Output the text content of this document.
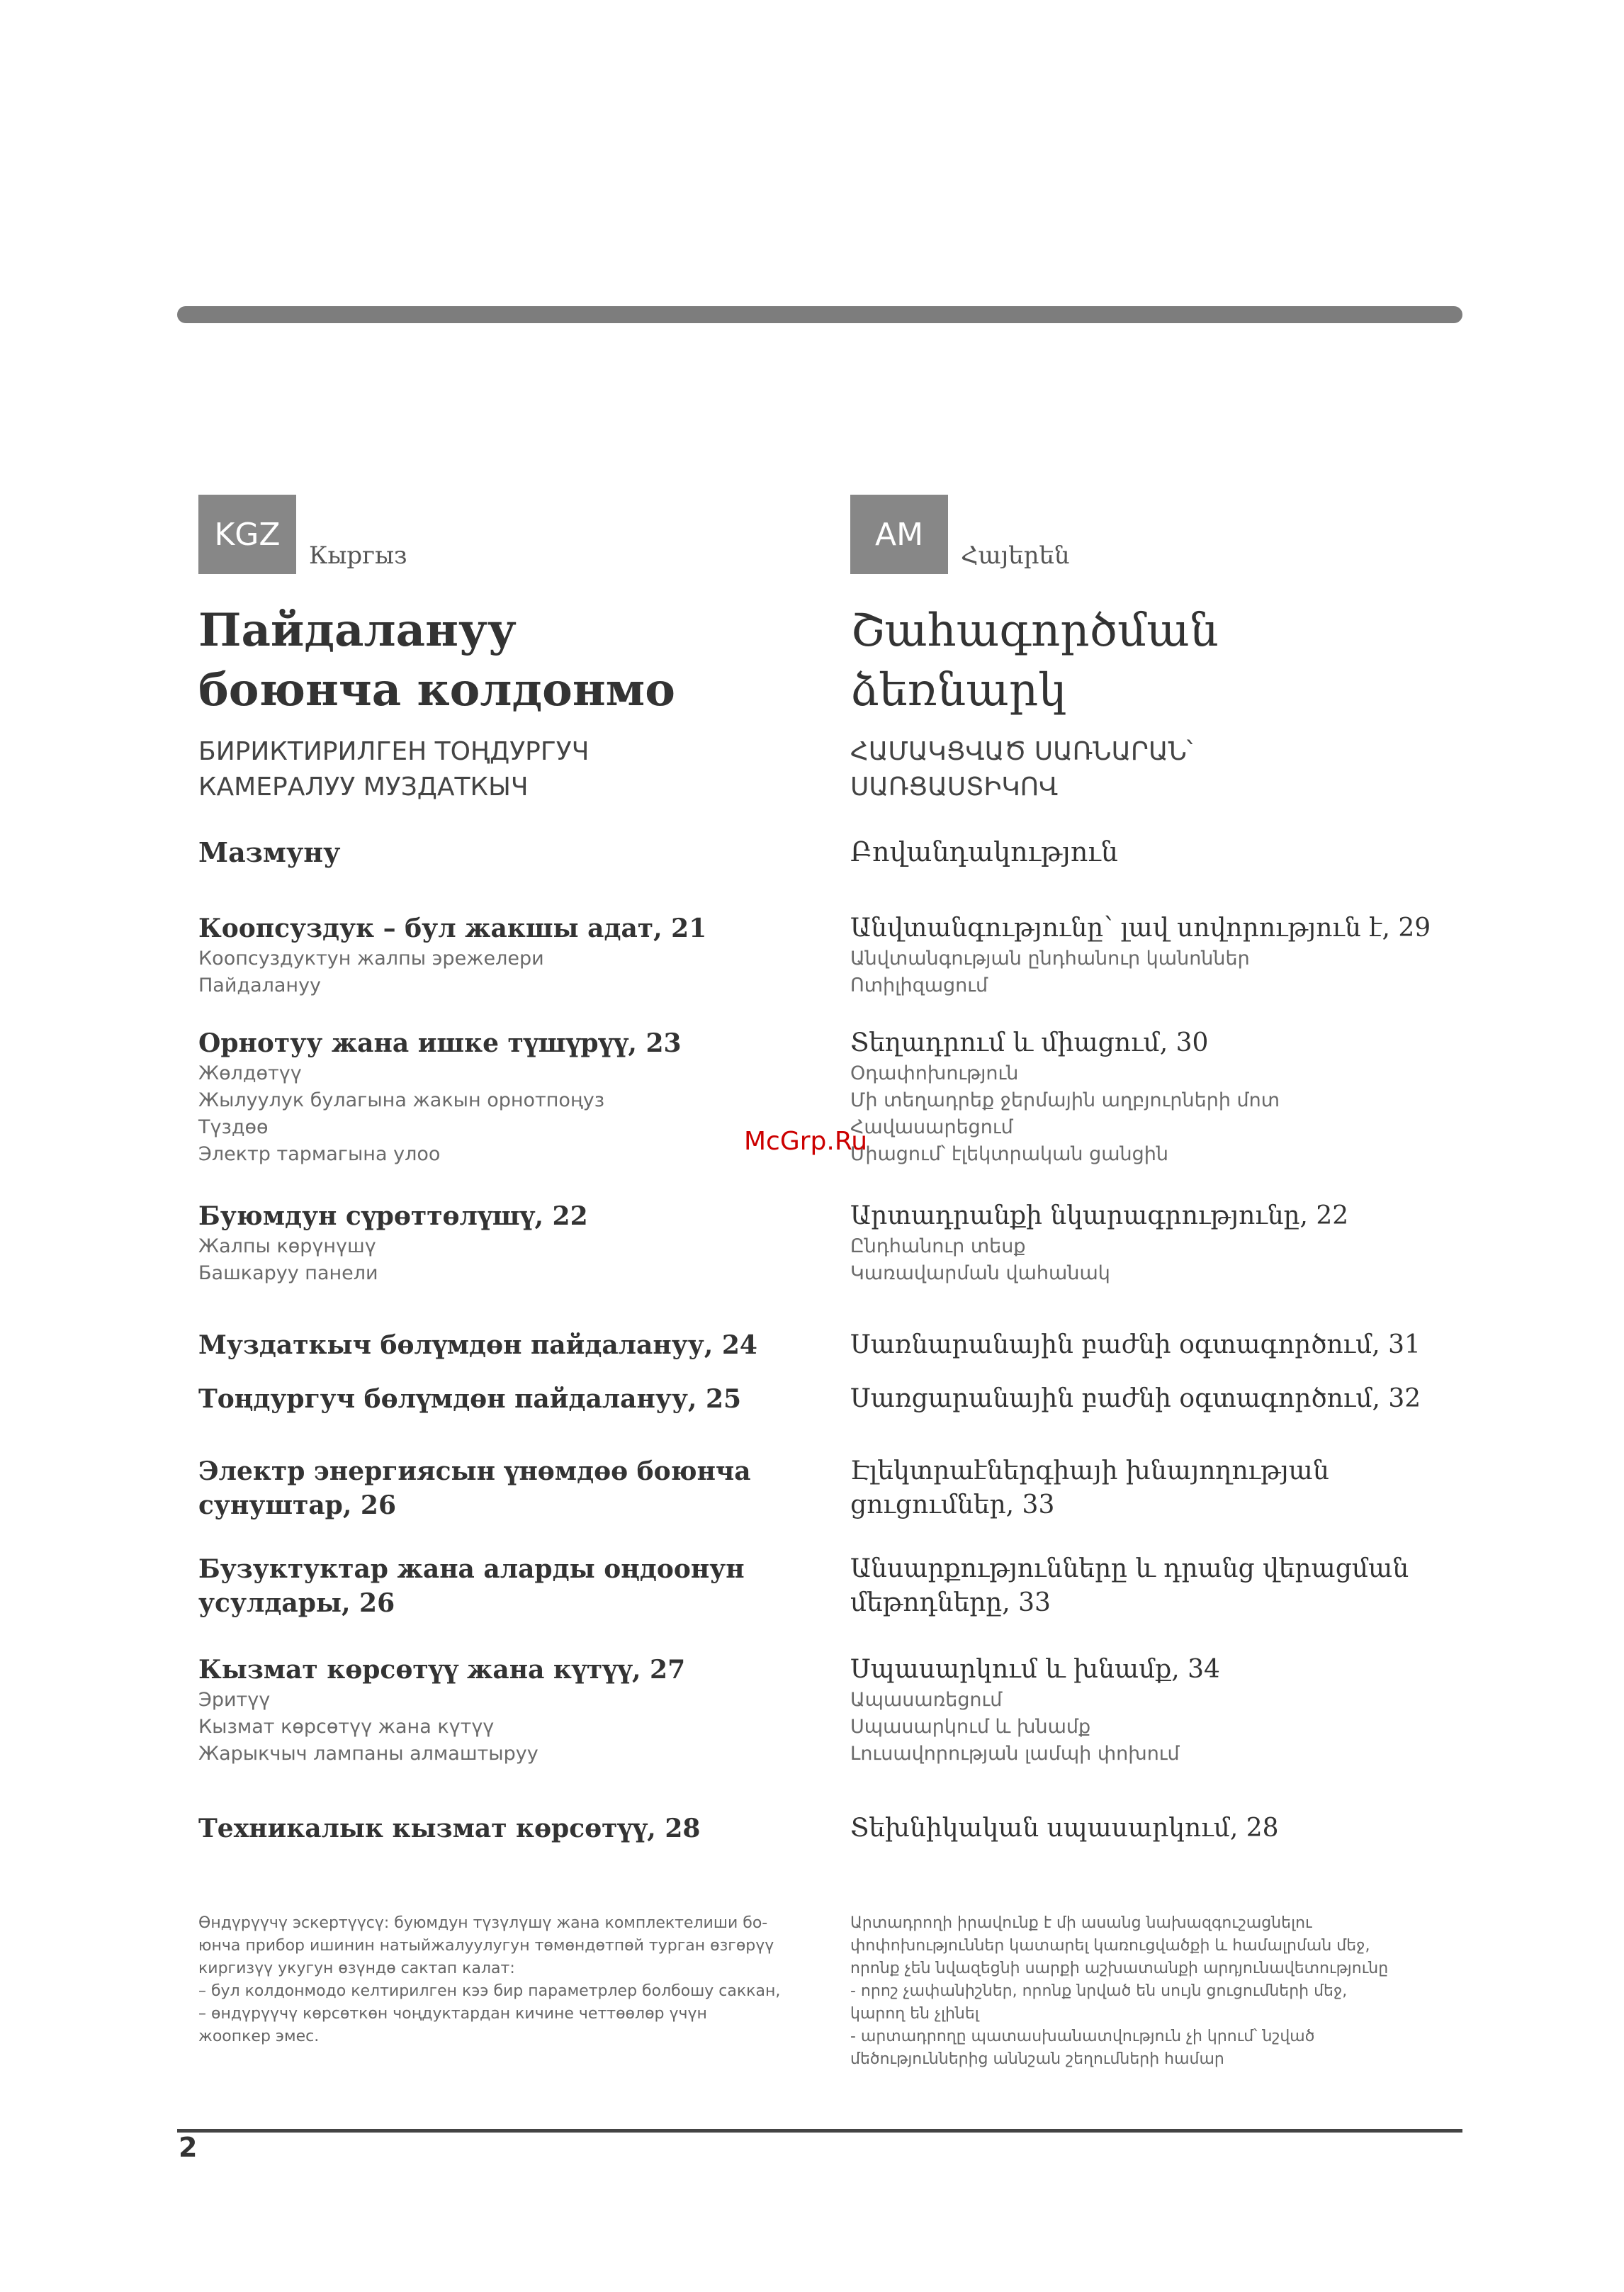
KGZ
Кыргыз
Пайдалануу
боюнча колдонмо
БИРИКТИРИЛГЕН ТОҢДУРГУЧ
КАМЕРАЛУУ МУЗДАТКЫЧ
Мазмуну
AM
Հայերեն
Շահագործման
ձեռնարկ
ՀԱՄԱԿՑՎԱԾ ՍԱՌՆԱՐԱՆ՝
ՍԱՌՑԱՍՏԻԿՈՎ
Բովանդակություն
Коопсуздук – бул жакшы адат, 21
Коопсуздуктун жалпы эрежелери
Пайдалануу
Орнотуу жана ишке түшүрүү, 23
Жөлдөтүү
Жылуулук булагына жакын орнотпоңуз
Түздөө
Электр тармагына улоо
Буюмдун сүрөттөлүшү, 22
Жалпы көрүнүшү
Башкаруу панели
Муздаткыч бөлүмдөн пайдалануу, 24
Тоңдургуч бөлүмдөн пайдалануу, 25
Электр энергиясын үнөмдөө боюнча
сунуштар, 26
Бузуктуктар жана аларды оңдоонун
усулдары, 26
Кызмат көрсөтүү жана күтүү, 27
Эритүү
Кызмат көрсөтүү жана күтүү
Жарыкчыч лампаны алмаштыруу
Техникалык кызмат көрсөтүү, 28
Өндүрүүчү эскертүүсү: буюмдун түзүлүшү жана комплектелиши бо-
юнча прибор ишинин натыйжалуулугун төмөндөтпөй турган өзгөрүү
киргизүү укугун өзүндө сактап калат:
– бул колдонмодо келтирилген кээ бир параметрлер болбошу саккан,
– өндүрүүчү көрсөткөн чоңдуктардан кичине четтөөлөр үчүн
жоопкер эмес.
Անվտանգությունը՝ լավ սովորություն է, 29
Անվտանգության ընդհանուր կանոններ
Ոտիլիզացում
Տեղադրում և միացում, 30
Օդափոխություն
Մի տեղադրեք ջերմային աղբյուրների մոտ
Հավասարեցում
Միացում՝ էլեկտրական ցանցին
Արտադրանքի նկարագրությունը, 22
Ընդհանուր տեսք
Կառավարման վահանակ
Սառնարանային բաժնի օգտագործում, 31
Սառցարանային բաժնի օգտագործում, 32
Էլեկտրաէներգիայի խնայողության
ցուցումներ, 33
Անսարքությունները և դրանց վերացման
մեթոդները, 33
Սպասարկում և խնամք, 34
Ապասառեցում
Սպասարկում և խնամք
Լուսավորության լամպի փոխում
Տեխնիկական սպասարկում, 28
Արտադրողի իրավունք է մի ասանց նախազգուշացնելու
փոփոխություններ կատարել կառուցվածքի և համալրման մեջ,
որոնք չեն նվազեցնի սարքի աշխատանքի արդյունավետությունը
- որոշ չափանիշներ, որոնք նրված են սույն ցուցումների մեջ,
կարող են չլինել
- արտադրողը պատասխանատվություն չի կրում՝ նշված
մեծություններից աննշան շեղումների համար
McGrp.Ru
2
